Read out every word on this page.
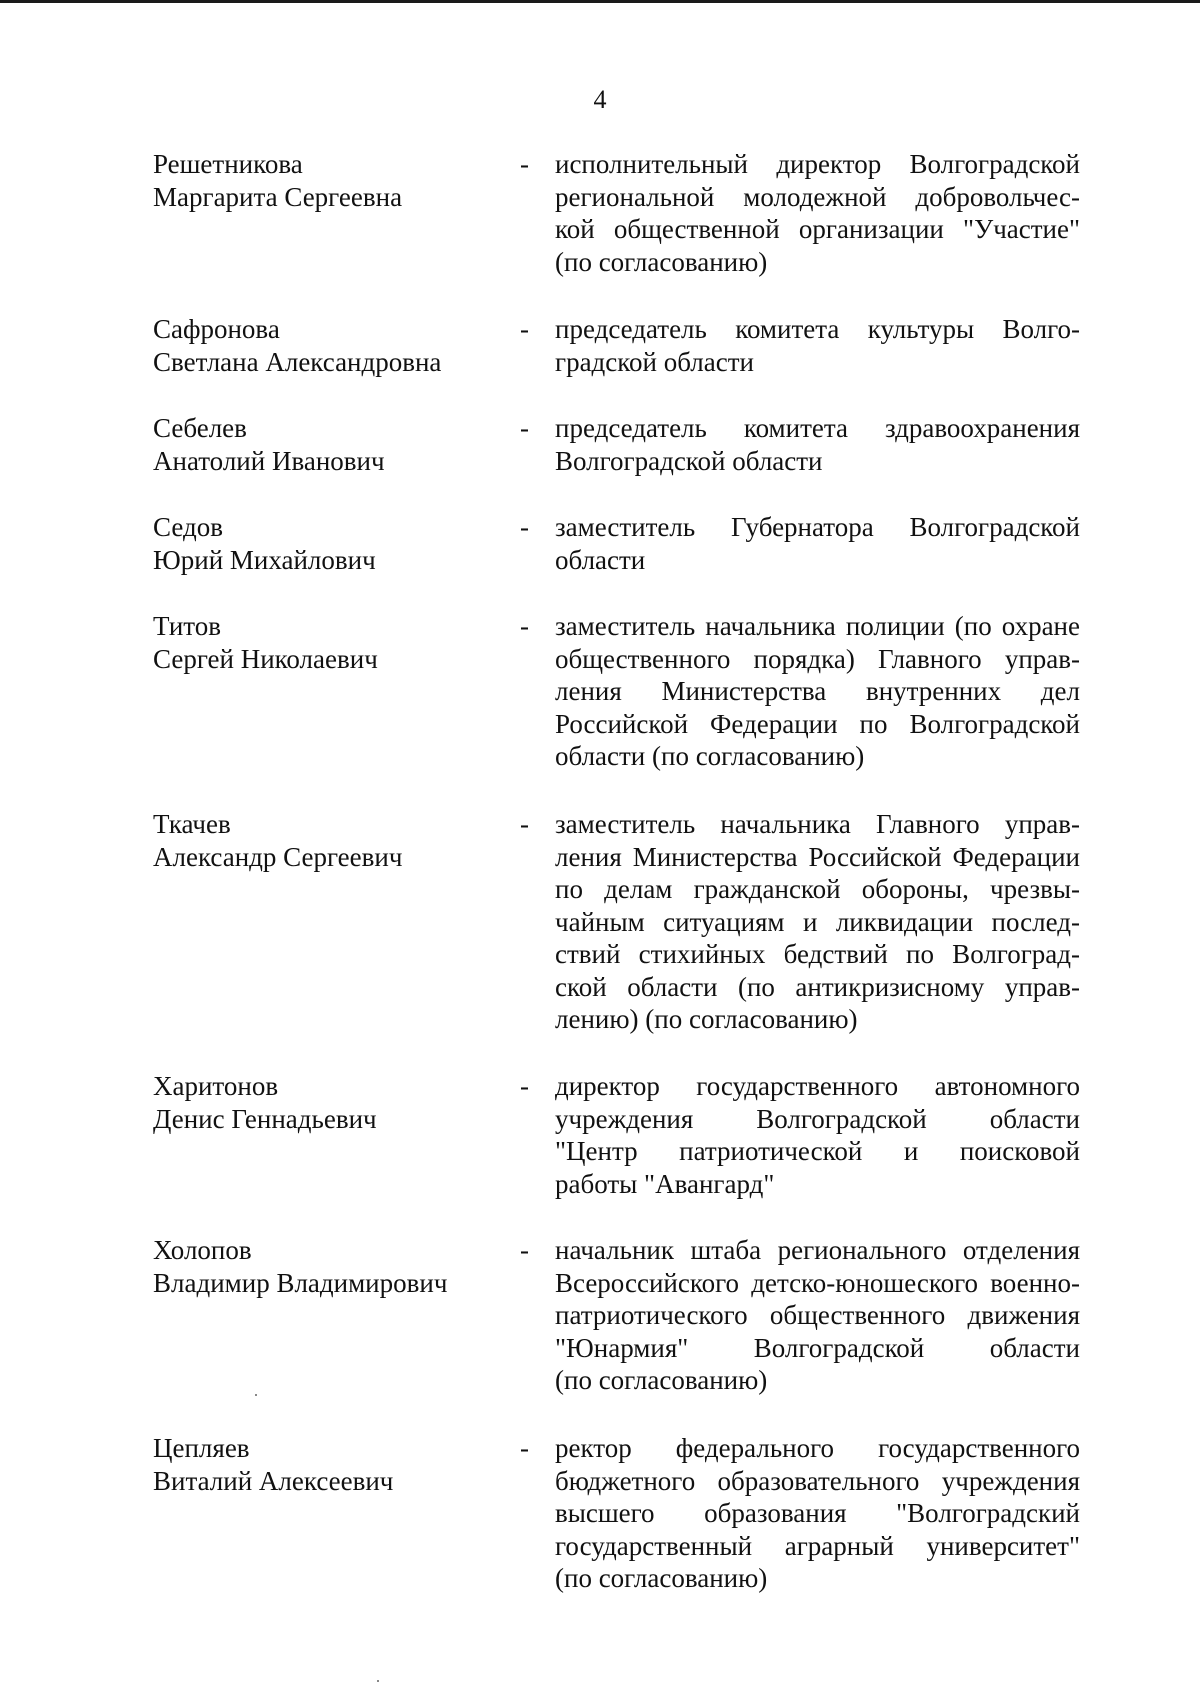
4
Решетникова
Маргарита Сергеевна
- исполнительный директор Волгоградской
региональной молодежной добровольчес-
кой общественной организации "Участие"
(по согласованию)
Сафронова
Светлана Александровна
- председатель комитета культуры Волго-
градской области
Себелев
Анатолий Иванович
- председатель комитета здравоохранения
Волгоградской области
Седов
Юрий Михайлович
- заместитель Губернатора Волгоградской
области
Титов
Сергей Николаевич
- заместитель начальника полиции (по охране
общественного порядка) Главного управ-
ления Министерства внутренних дел
Российской Федерации по Волгоградской
области (по согласованию)
Ткачев
Александр Сергеевич
- заместитель начальника Главного управ-
ления Министерства Российской Федерации
по делам гражданской обороны, чрезвы-
чайным ситуациям и ликвидации послед-
ствий стихийных бедствий по Волгоград-
ской области (по антикризисному управ-
лению) (по согласованию)
Харитонов
Денис Геннадьевич
- директор государственного автономного
учреждения Волгоградской области
"Центр патриотической и поисковой
работы "Авангард"
Холопов
Владимир Владимирович
- начальник штаба регионального отделения
Всероссийского детско-юношеского военно-
патриотического общественного движения
"Юнармия" Волгоградской области
(по согласованию)
Цепляев
Виталий Алексеевич
- ректор федерального государственного
бюджетного образовательного учреждения
высшего образования "Волгоградский
государственный аграрный университет"
(по согласованию)
